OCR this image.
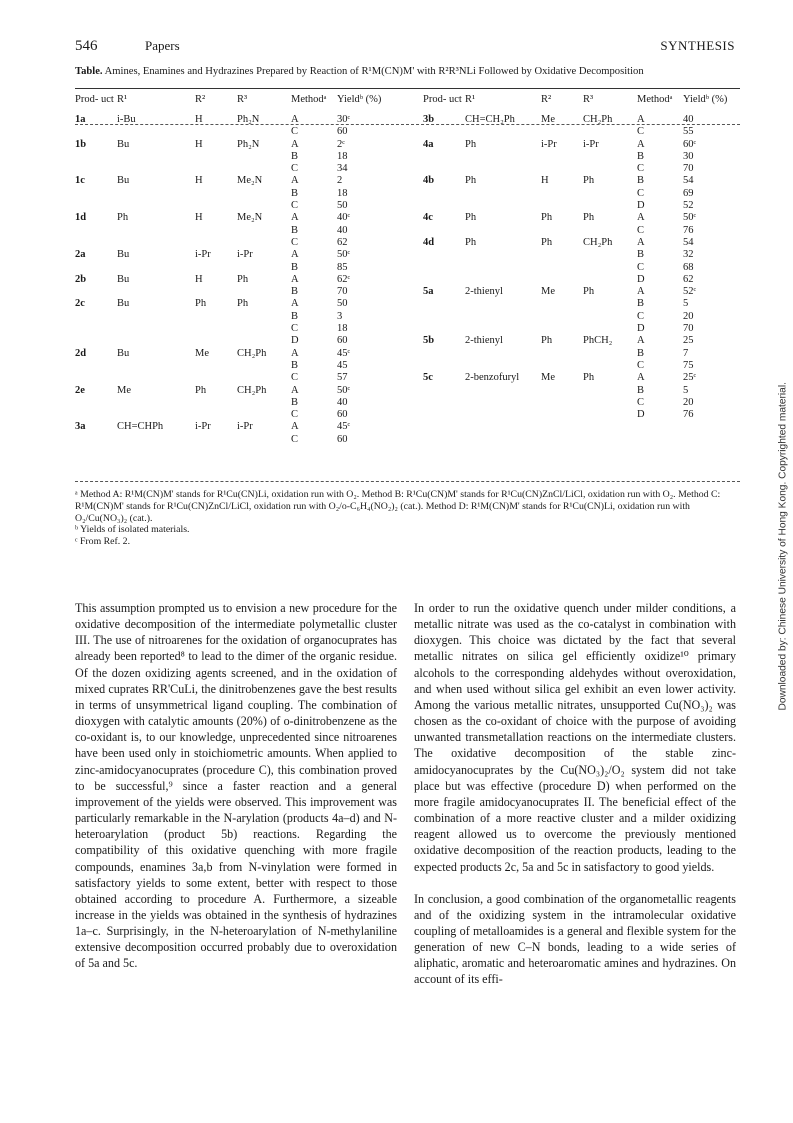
546	Papers	SYNTHESIS
Table. Amines, Enamines and Hydrazines Prepared by Reaction of R¹M(CN)M' with R²R³NLi Followed by Oxidative Decomposition
Prod- uct	R¹	R²	R³	Methodᵃ	Yieldᵇ (%)	Prod- uct	R¹	R²	R³	Methodᵃ	Yieldᵇ (%)

1a	i-Bu	H	Ph₂N	A	30ᶜ	3b	CH=CH₂Ph	Me	CH₂Ph	A	40
				C	60					C	55
1b	Bu	H	Ph₂N	A	2ᶜ	4a	Ph	i-Pr	i-Pr	A	60ᶜ
				B	18					B	30
				C	34					C	70
1c	Bu	H	Me₂N	A	2	4b	Ph	H	Ph	B	54
				B	18					C	69
				C	50					D	52
1d	Ph	H	Me₂N	A	40ᶜ	4c	Ph	Ph	Ph	A	50ᶜ
				B	40					C	76
				C	62	4d	Ph	Ph	CH₂Ph	A	54
2a	Bu	i-Pr	i-Pr	A	50ᶜ					B	32
				B	85					C	68
2b	Bu	H	Ph	A	62ᶜ					D	62
				B	70	5a	2-thienyl	Me	Ph	A	52ᶜ
2c	Bu	Ph	Ph	A	50					B	5
				B	3					C	20
				C	18					D	70
				D	60	5b	2-thienyl	Ph	PhCH₂	A	25
2d	Bu	Me	CH₂Ph	A	45ᶜ					B	7
				B	45					C	75
				C	57	5c	2-benzofuryl	Me	Ph	A	25ᶜ
2e	Me	Ph	CH₂Ph	A	50ᶜ					B	5
				B	40					C	20
				C	60					D	76
3a	CH=CHPh	i-Pr	i-Pr	A	45ᶜ						
				C	60						
ᵃ Method A: R¹M(CN)M' stands for R¹Cu(CN)Li, oxidation run with O₂. Method B: R¹Cu(CN)M' stands for R¹Cu(CN)ZnCl/LiCl, oxidation run with O₂. Method C: R¹M(CN)M' stands for R¹Cu(CN)ZnCl/LiCl, oxidation run with O₂/o-C₆H₄(NO₂)₂ (cat.). Method D: R¹M(CN)M' stands for R¹Cu(CN)Li, oxidation run with O₂/Cu(NO₃)₂ (cat.).
ᵇ Yields of isolated materials.
ᶜ From Ref. 2.

This assumption prompted us to envision a new procedure for the oxidative decomposition of the intermediate polymetallic cluster III. The use of nitroarenes for the oxidation of organocuprates has already been reported⁸ to lead to the dimer of the organic residue. Of the dozen oxidizing agents screened, and in the oxidation of mixed cuprates RR'CuLi, the dinitrobenzenes gave the best results in terms of unsymmetrical ligand coupling. The combination of dioxygen with catalytic amounts (20%) of o-dinitrobenzene as the co-oxidant is, to our knowledge, unprecedented since nitroarenes have been used only in stoichiometric amounts. When applied to zinc-amidocyanocuprates (procedure C), this combination proved to be successful,⁹ since a faster reaction and a general improvement of the yields were observed. This improvement was particularly remarkable in the N-arylation (products 4a–d) and N-heteroarylation (product 5b) reactions. Regarding the compatibility of this oxidative quenching with more fragile compounds, enamines 3a,b from N-vinylation were formed in satisfactory yields to some extent, better with respect to those obtained according to procedure A. Furthermore, a sizeable increase in the yields was obtained in the synthesis of hydrazines 1a–c. Surprisingly, in the N-heteroarylation of N-methylaniline extensive decomposition occurred probably due to overoxidation of 5a and 5c.

In order to run the oxidative quench under milder conditions, a metallic nitrate was used as the co-catalyst in combination with dioxygen. This choice was dictated by the fact that several metallic nitrates on silica gel efficiently oxidize¹⁰ primary alcohols to the corresponding aldehydes without overoxidation, and when used without silica gel exhibit an even lower activity. Among the various metallic nitrates, unsupported Cu(NO₃)₂ was chosen as the co-oxidant of choice with the purpose of avoiding unwanted transmetallation reactions on the intermediate clusters. The oxidative decomposition of the stable zinc-amidocyanocuprates by the Cu(NO₃)₂/O₂ system did not take place but was effective (procedure D) when performed on the more fragile amidocyanocuprates II. The beneficial effect of the combination of a more reactive cluster and a milder oxidizing reagent allowed us to overcome the previously mentioned oxidative decomposition of the reaction products, leading to the expected products 2c, 5a and 5c in satisfactory to good yields.

In conclusion, a good combination of the organometallic reagents and of the oxidizing system in the intramolecular oxidative coupling of metalloamides is a general and flexible system for the generation of new C–N bonds, leading to a wide series of aliphatic, aromatic and heteroaromatic amines and hydrazines. On account of its effi-

Downloaded by: Chinese University of Hong Kong. Copyrighted material.
